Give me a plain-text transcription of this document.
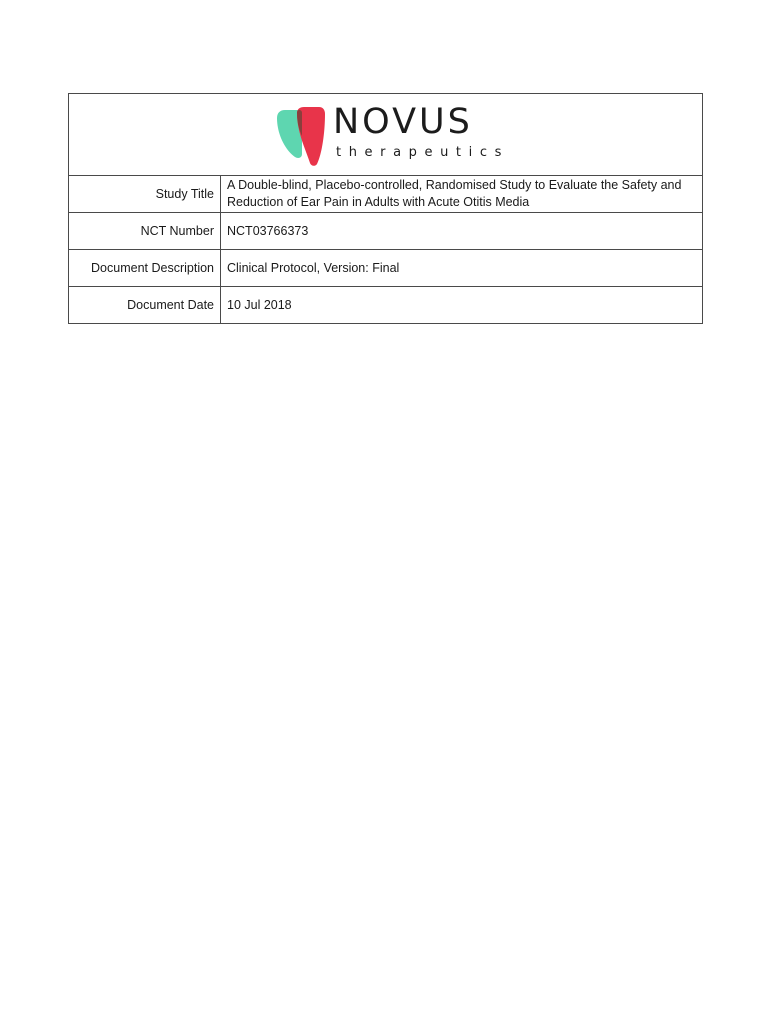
NOVUS
therapeutics	

Study Title	A Double-blind, Placebo-controlled, Randomised Study to Evaluate the Safety and Reduction of Ear Pain in Adults with Acute Otitis Media
NCT Number	NCT03766373
Document Description	Clinical Protocol, Version: Final
Document Date	10 Jul 2018
